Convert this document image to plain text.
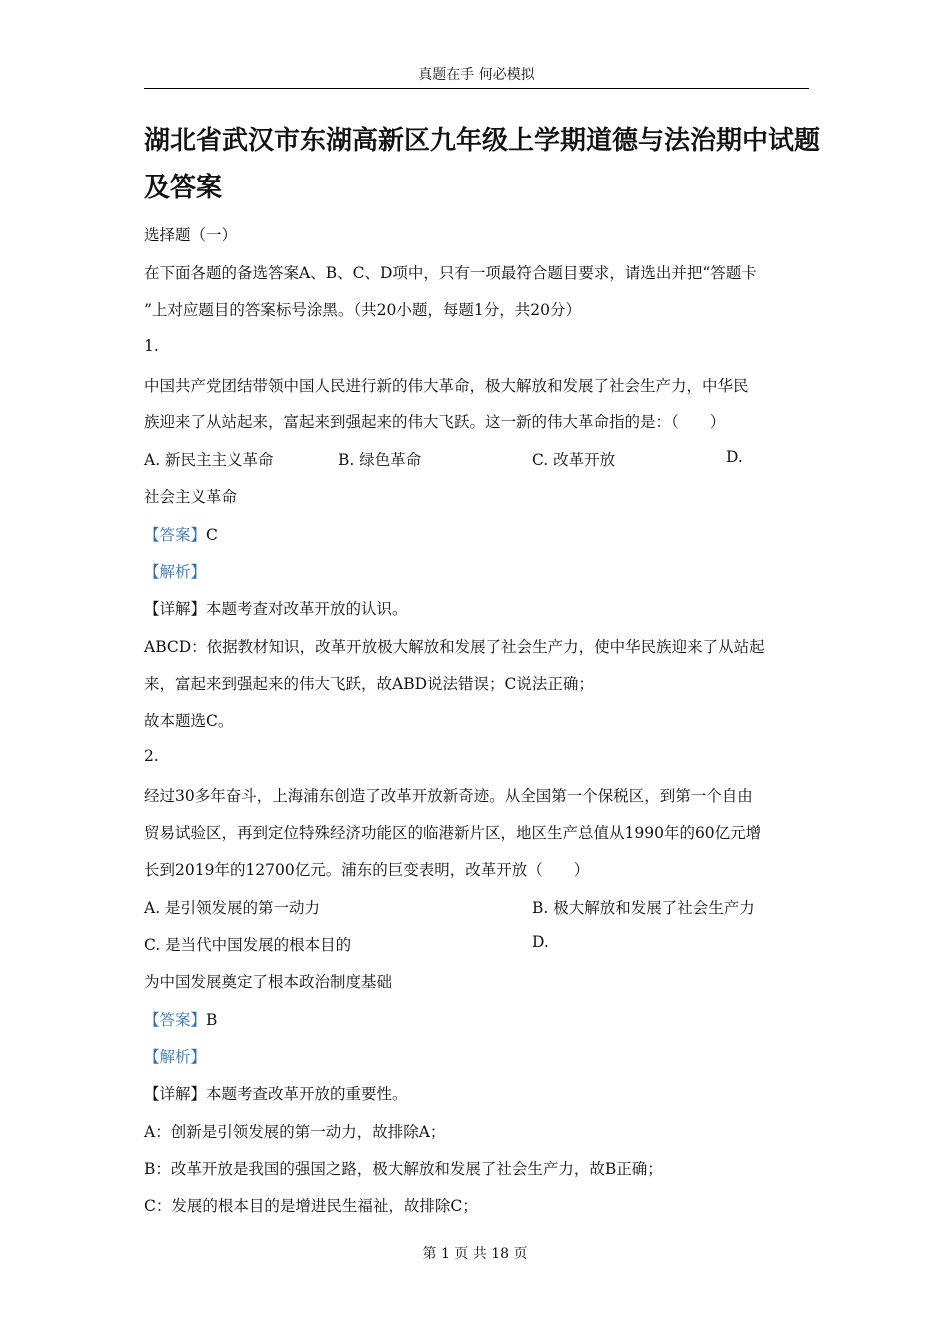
真题在手 何必模拟
湖北省武汉市东湖高新区九年级上学期道德与法治期中试题及答案
选择题（一）
在下面各题的备选答案A、B、C、D项中，只有一项最符合题目要求，请选出并把“答题卡
”上对应题目的答案标号涂黑。（共20小题，每题1分，共20分）
1.
中国共产党团结带领中国人民进行新的伟大革命，极大解放和发展了社会生产力，中华民
族迎来了从站起来，富起来到强起来的伟大飞跃。这一新的伟大革命指的是：（　　）
A. 新民主主义革命	B. 绿色革命	C. 改革开放	D.
社会主义革命
【答案】C
【解析】
【详解】本题考查对改革开放的认识。
ABCD：依据教材知识，改革开放极大解放和发展了社会生产力，使中华民族迎来了从站起
来，富起来到强起来的伟大飞跃，故ABD说法错误；C说法正确；
故本题选C。
2.
经过30多年奋斗，上海浦东创造了改革开放新奇迹。从全国第一个保税区，到第一个自由
贸易试验区，再到定位特殊经济功能区的临港新片区，地区生产总值从1990年的60亿元增
长到2019年的12700亿元。浦东的巨变表明，改革开放（　　）
A. 是引领发展的第一动力	B. 极大解放和发展了社会生产力
C. 是当代中国发展的根本目的	D.
为中国发展奠定了根本政治制度基础
【答案】B
【解析】
【详解】本题考查改革开放的重要性。
A：创新是引领发展的第一动力，故排除A；
B：改革开放是我国的强国之路，极大解放和发展了社会生产力，故B正确；
C：发展的根本目的是增进民生福祉，故排除C；
第 1 页 共 18 页
